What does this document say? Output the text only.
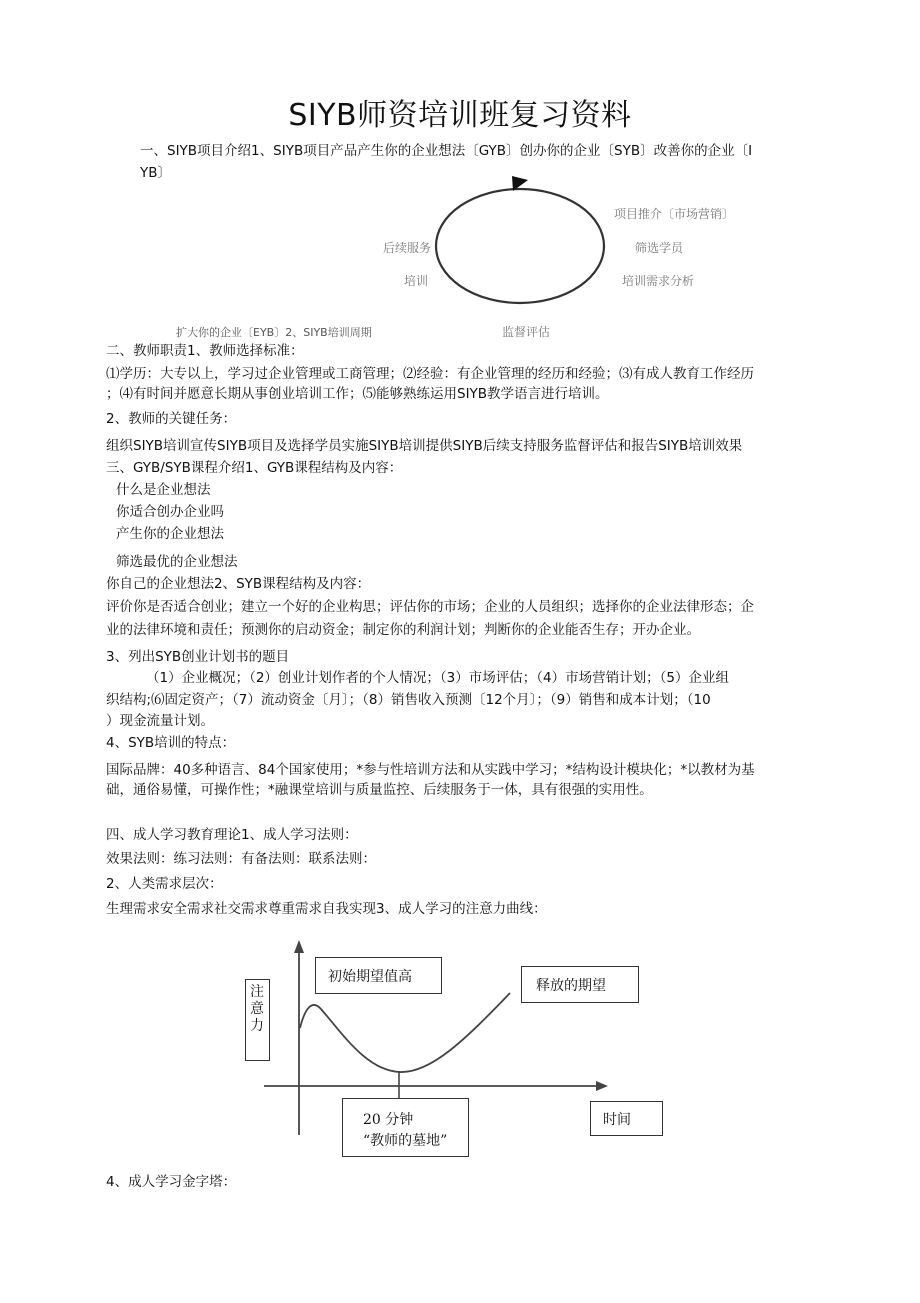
SIYB师资培训班复习资料
一、SIYB项目介绍1、SIYB项目产品产生你的企业想法〔GYB〕创办你的企业〔SYB〕改善你的企业〔I
YB〕
项目推介〔市场营销〕
筛选学员
培训需求分析
监督评估
培训
后续服务
扩大你的企业〔EYB〕2、SIYB培训周期
二、教师职责1、教师选择标准：
⑴学历：大专以上，学习过企业管理或工商管理；⑵经验：有企业管理的经历和经验；⑶有成人教育工作经历
；⑷有时间并愿意长期从事创业培训工作；⑸能够熟练运用SIYB教学语言进行培训。
2、教师的关键任务：
组织SIYB培训宣传SIYB项目及选择学员实施SIYB培训提供SIYB后续支持服务监督评估和报告SIYB培训效果
三、GYB/SYB课程介绍1、GYB课程结构及内容：
什么是企业想法
你适合创办企业吗
产生你的企业想法
筛选最优的企业想法
你自己的企业想法2、SYB课程结构及内容：
评价你是否适合创业；建立一个好的企业构思；评估你的市场；企业的人员组织；选择你的企业法律形态；企
业的法律环境和责任；预测你的启动资金；制定你的利润计划；判断你的企业能否生存；开办企业。
3、列出SYB创业计划书的题目
（1）企业概况；（2）创业计划作者的个人情况；（3）市场评估；（4）市场营销计划；（5）企业组
织结构;⑹固定资产；（7）流动资金〔月〕；（8）销售收入预测〔12个月〕；（9）销售和成本计划；（10
）现金流量计划。
4、SYB培训的特点：
国际品牌：40多种语言、84个国家使用；*参与性培训方法和从实践中学习；*结构设计模块化；*以教材为基
础，通俗易懂，可操作性；*融课堂培训与质量监控、后续服务于一体，具有很强的实用性。
四、成人学习教育理论1、成人学习法则：
效果法则：练习法则：有备法则：联系法则：
2、人类需求层次：
生理需求安全需求社交需求尊重需求自我实现3、成人学习的注意力曲线：
注
意
力
初始期望值高
释放的期望
20 分钟
“教师的墓地”
时间
4、成人学习金字塔：
